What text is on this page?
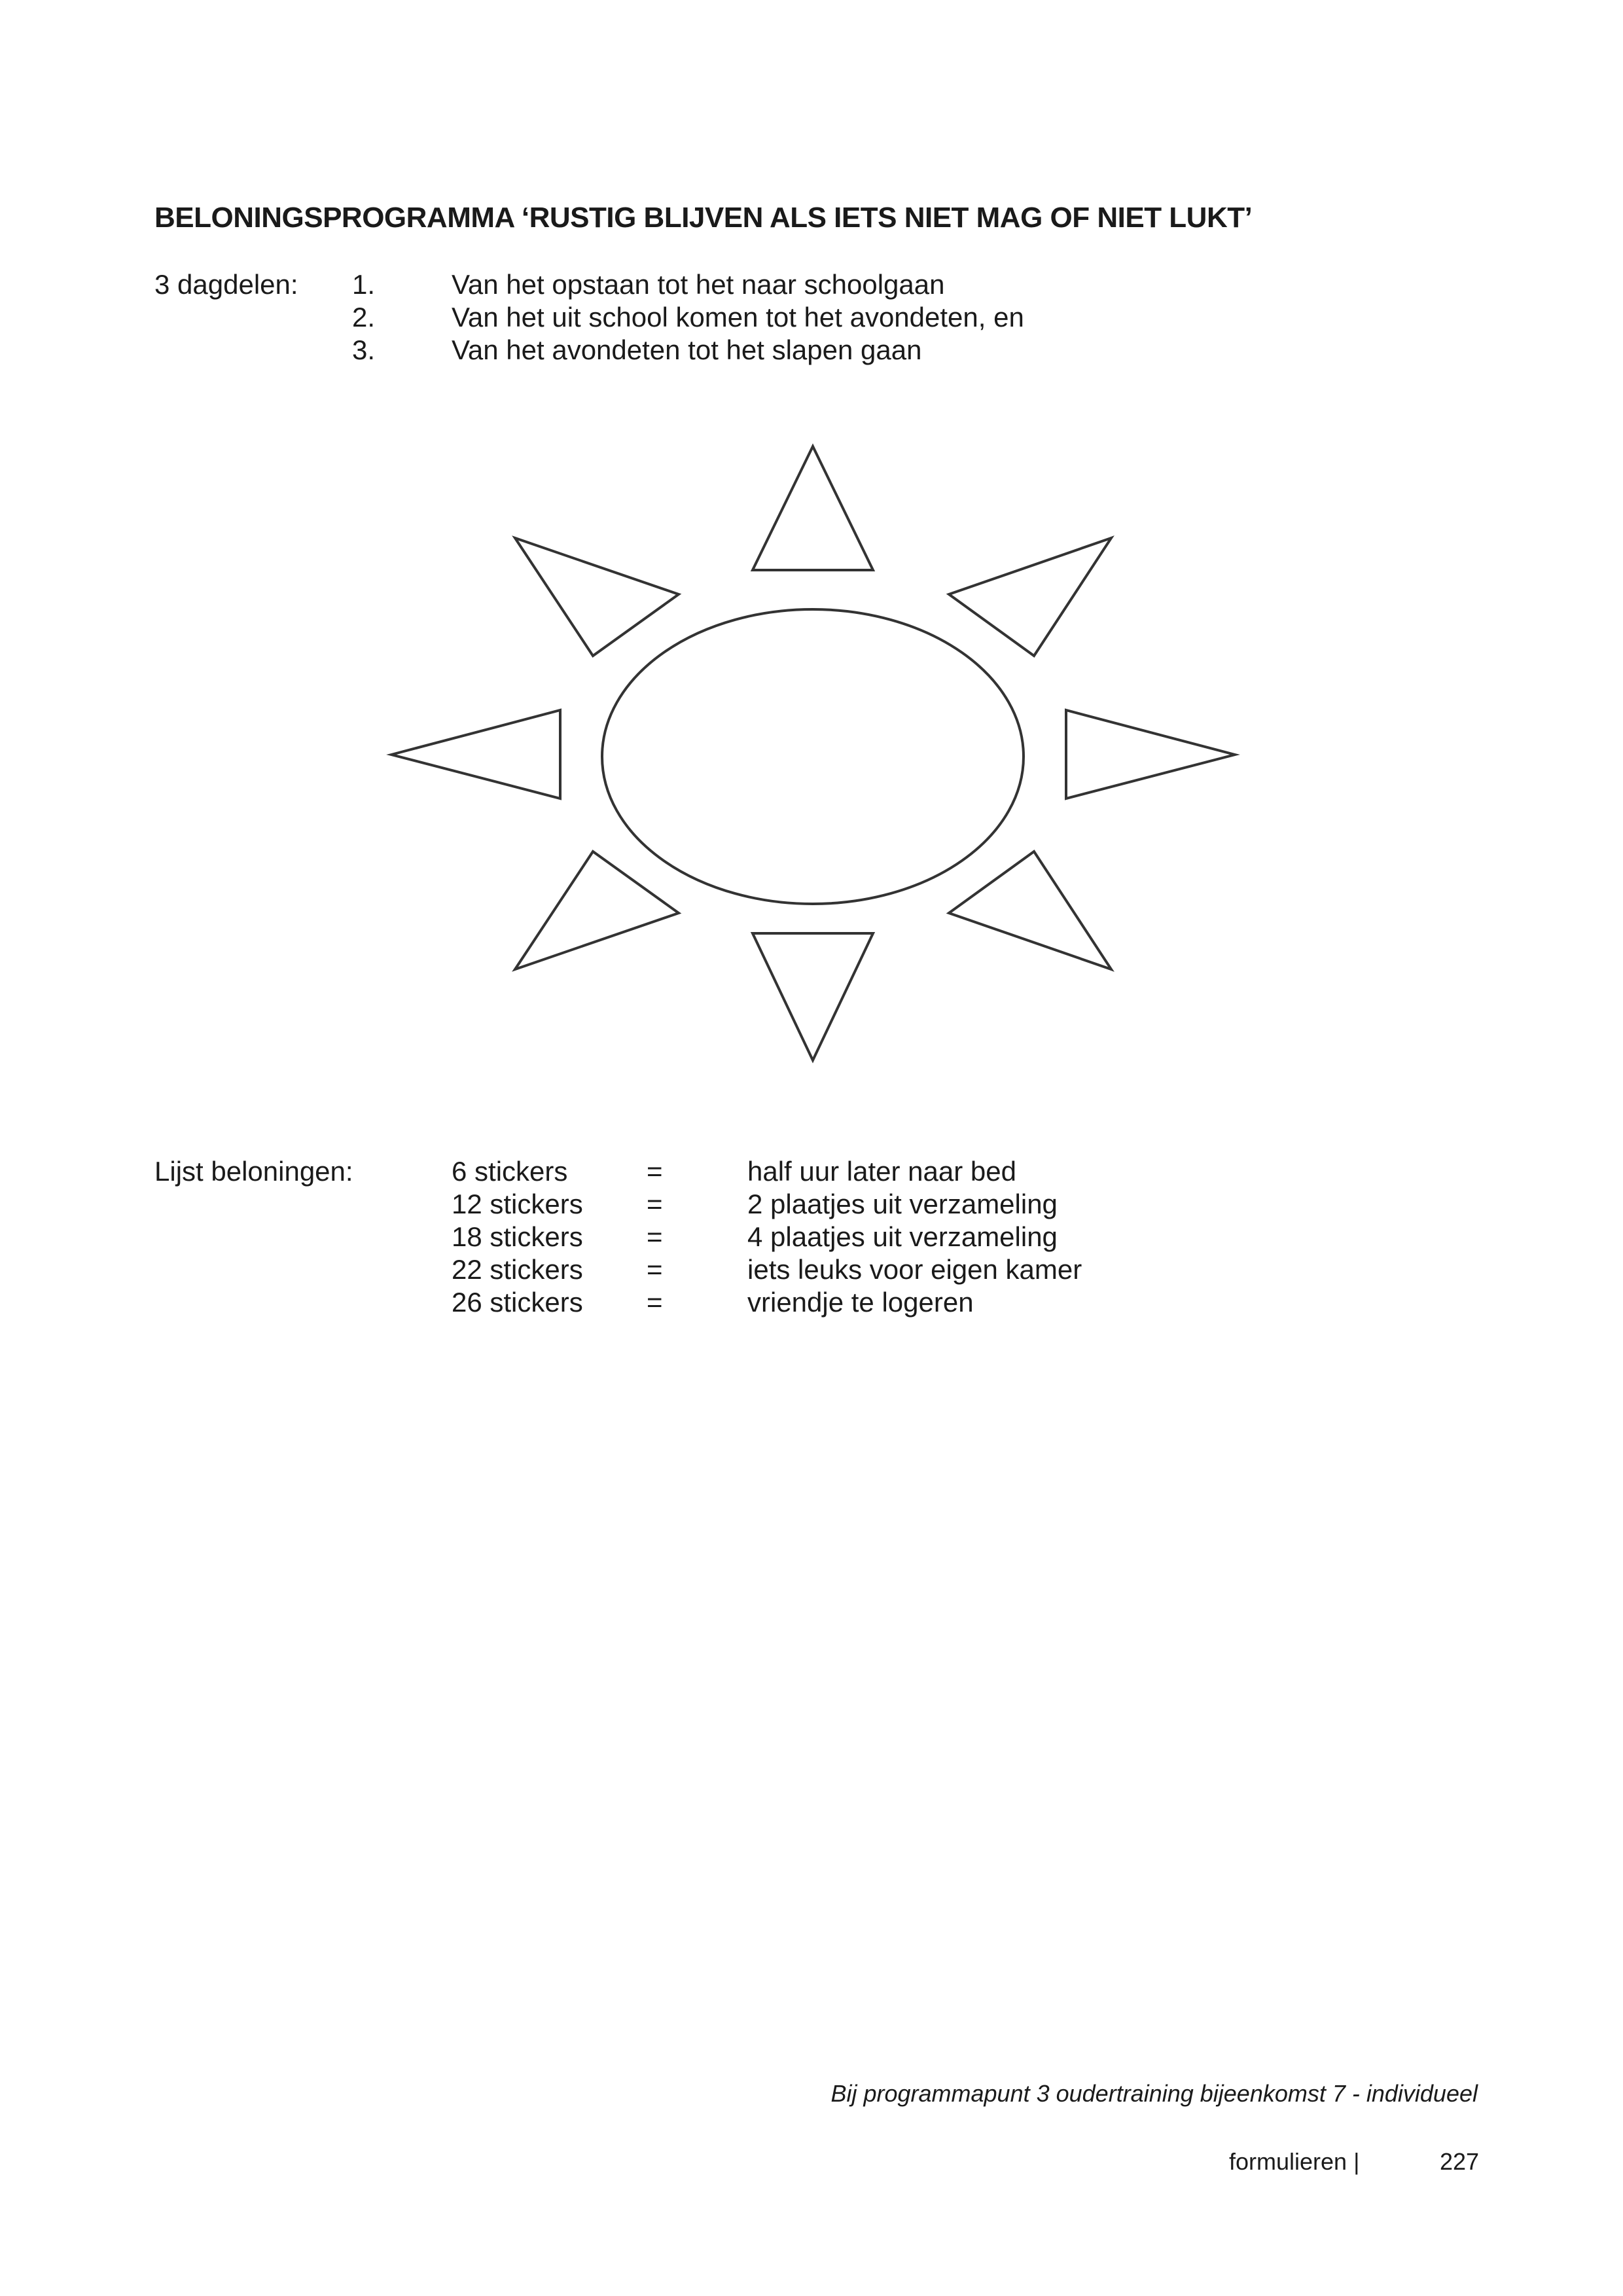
BELONINGSPROGRAMMA ‘RUSTIG BLIJVEN ALS IETS NIET MAG OF NIET LUKT’
3 dagdelen: 1.	Van het opstaan tot het naar schoolgaan
2.	Van het uit school komen tot het avondeten, en
3.	Van het avondeten tot het slapen gaan
Lijst beloningen:	6 stickers	=	half uur later naar bed
12 stickers =	2 plaatjes uit verzameling
18 stickers =	4 plaatjes uit verzameling
22 stickers =	iets leuks voor eigen kamer
26 stickers =	vriendje te logeren
Bij programmapunt 3 oudertraining bijeenkomst 7 - individueel
formulieren |	227
